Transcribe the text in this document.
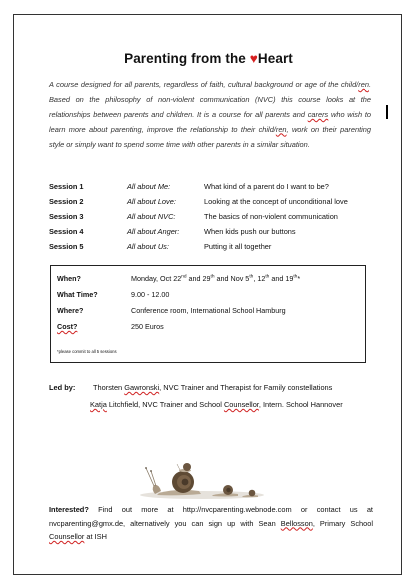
Parenting from the ♥Heart
A course designed for all parents, regardless of faith, cultural background or age of the child/ren. Based on the philosophy of non-violent communication (NVC) this course looks at the relationships between parents and children. It is a course for all parents and carers who wish to learn more about parenting, improve the relationship to their child/ren, work on their parenting style or simply want to spend some time with other parents in a similar situation.
Session 1	All about Me:	What kind of a parent do I want to be?
Session 2	All about Love:	Looking at the concept of unconditional love
Session 3	All about NVC:	The basics of non-violent communication
Session 4	All about Anger:	When kids push our buttons
Session 5	All about Us:	Putting it all together
When?	Monday, Oct 22nd and 29th and Nov 5th, 12th and 19th*
What Time?	9.00 - 12.00
Where?	Conference room, International School Hamburg
Cost?	250 Euros
*please commit to all 5 sessions
Led by: Thorsten Gawronski, NVC Trainer and Therapist for Family constellations
Katja Litchfield, NVC Trainer and School Counsellor, Intern. School Hannover
Interested? Find out more at http://nvcparenting.webnode.com or contact us at nvcparenting@gmx.de, alternatively you can sign up with Sean Bellosson, Primary School Counsellor at ISH
